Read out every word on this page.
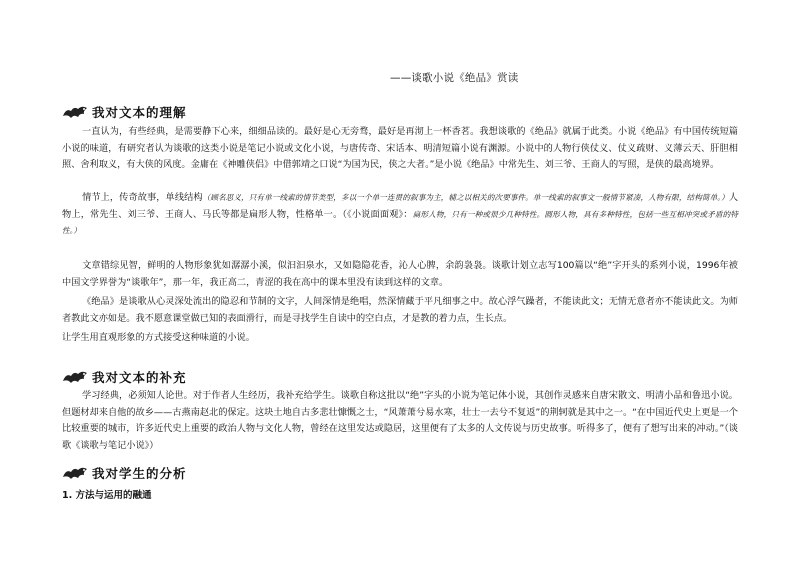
——谈歌小说《绝品》赏读
我对文本的理解

一直认为，有些经典，是需要静下心来，细细品读的。最好是心无旁骛，最好是再沏上一杯香茗。我想谈歌的《绝品》就属于此类。小说《绝品》有中国传统短篇小说的味道，有研究者认为谈歌的这类小说是笔记小说或文化小说，与唐传奇、宋话本、明清短篇小说有渊源。小说中的人物行侠仗义、仗义疏财、义薄云天、肝胆相照、舍利取义，有大侠的风度。金庸在《神雕侠侣》中借郭靖之口说“为国为民，侠之大者。”是小说《绝品》中常先生、刘三爷、王商人的写照，是侠的最高境界。

情节上，传奇故事，单线结构（顾名思义，只有单一线索的情节类型，多以一个单一连贯的叙事为主，辅之以相关的次要事件。单一线索的叙事文一般情节紧凑，人物有限，结构简单。）人物上，常先生、刘三爷、王商人、马氏等都是扁形人物，性格单一。（《小说面面观》：扁形人物，只有一种或很少几种特性。圆形人物，具有多种特性，包括一些互相冲突或矛盾的特性。）

文章错综见智，鲜明的人物形象犹如潺潺小溪，似汩汩泉水，又如隐隐花香，沁人心脾，余韵袅袅。谈歌计划立志写100篇以“绝”字开头的系列小说，1996年被中国文学界誉为“谈歌年”，那一年，我正高二，青涩的我在高中的课本里没有读到这样的文章。

《绝品》是谈歌从心灵深处流出的隐忍和节制的文字，人间深情是绝唱，然深情藏于平凡细事之中。故心浮气躁者，不能读此文；无情无意者亦不能读此文。为师者教此文亦如是。我不愿意课堂做已知的表面滑行，而是寻找学生自读中的空白点，才是教的着力点，生长点。

让学生用直观形象的方式接受这种味道的小说。

我对文本的补充

学习经典，必须知人论世。对于作者人生经历，我补充给学生。谈歌自称这批以“绝”字头的小说为笔记体小说，其创作灵感来自唐宋散文、明清小品和鲁迅小说。但题材却来自他的故乡——古燕南赵北的保定。这块土地自古多悲壮慷慨之士，“风萧萧兮易水寒，壮士一去兮不复返”的荆轲就是其中之一。“在中国近代史上更是一个比较重要的城市，许多近代史上重要的政治人物与文化人物，曾经在这里发达或隐居，这里便有了太多的人文传说与历史故事。听得多了，便有了想写出来的冲动。”（谈歌《谈歌与笔记小说》）

我对学生的分析
1. 方法与运用的融通
